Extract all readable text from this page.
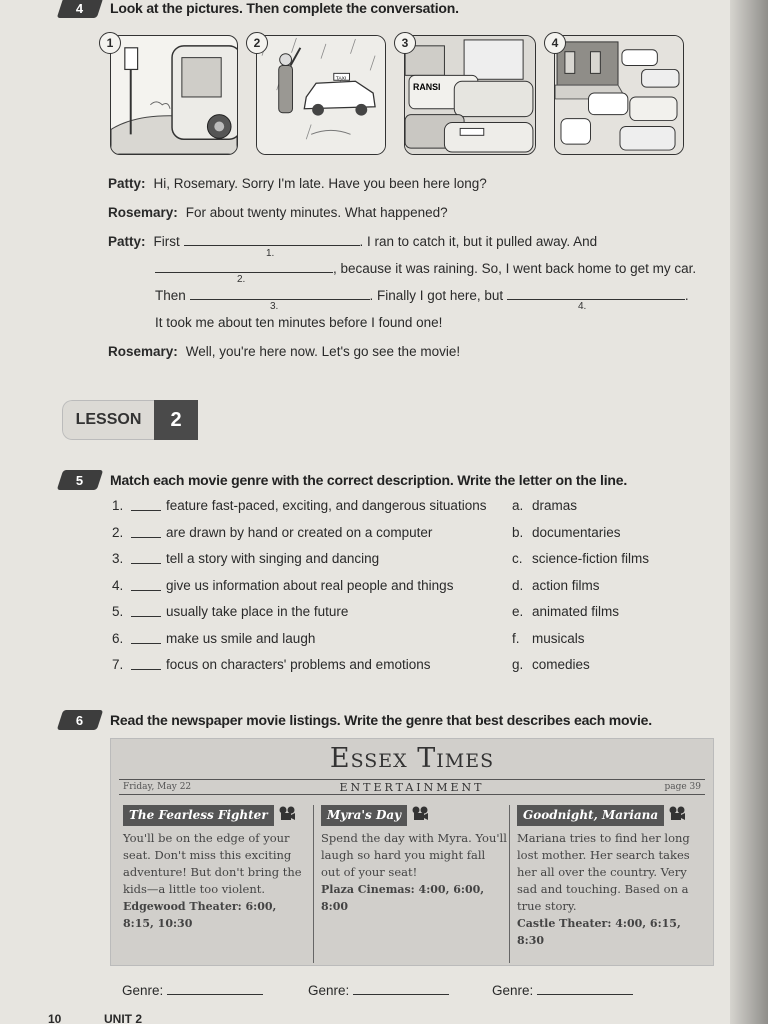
4 Look at the pictures. Then complete the conversation.
1
TAXI
2
RANSI
3	4
Patty: Hi, Rosemary. Sorry I'm late. Have you been here long?
Rosemary: For about twenty minutes. What happened?
Patty: First	. I ran to catch it, but it pulled away. And
1.
, because it was raining. So, I went back home to get my car.
2.
Then	. Finally I got here, but	.
3.	4.
It took me about ten minutes before I found one!
Rosemary: Well, you're here now. Let's go see the movie!
LESSON	2
5 Match each movie genre with the correct description. Write the letter on the line.
1.	feature fast-paced, exciting, and dangerous situations a. dramas
2.	are drawn by hand or created on a computer	b. documentaries
3.	tell a story with singing and dancing	c. science-fiction films
4.	give us information about real people and things	d. action films
5.	usually take place in the future	e. animated films
6.	make us smile and laugh	f. musicals
7.	focus on characters' problems and emotions	g. comedies
6 Read the newspaper movie listings. Write the genre that best describes each movie.
Essex Times
Friday, May 22	ENTERTAINMENT	page 39
The Fearless Fighter
You'll be on the edge of your seat. Don't miss this exciting adventure! But don't bring the kids—a little too violent.
Edgewood Theater: 6:00, 8:15, 10:30
Myra's Day
Spend the day with Myra. You'll laugh so hard you might fall out of your seat!
Plaza Cinemas: 4:00, 6:00, 8:00
Goodnight, Mariana
Mariana tries to find her long lost mother. Her search takes her all over the country. Very sad and touching. Based on a true story.
Castle Theater: 4:00, 6:15, 8:30
Genre:	Genre:	Genre:
10	UNIT 2
